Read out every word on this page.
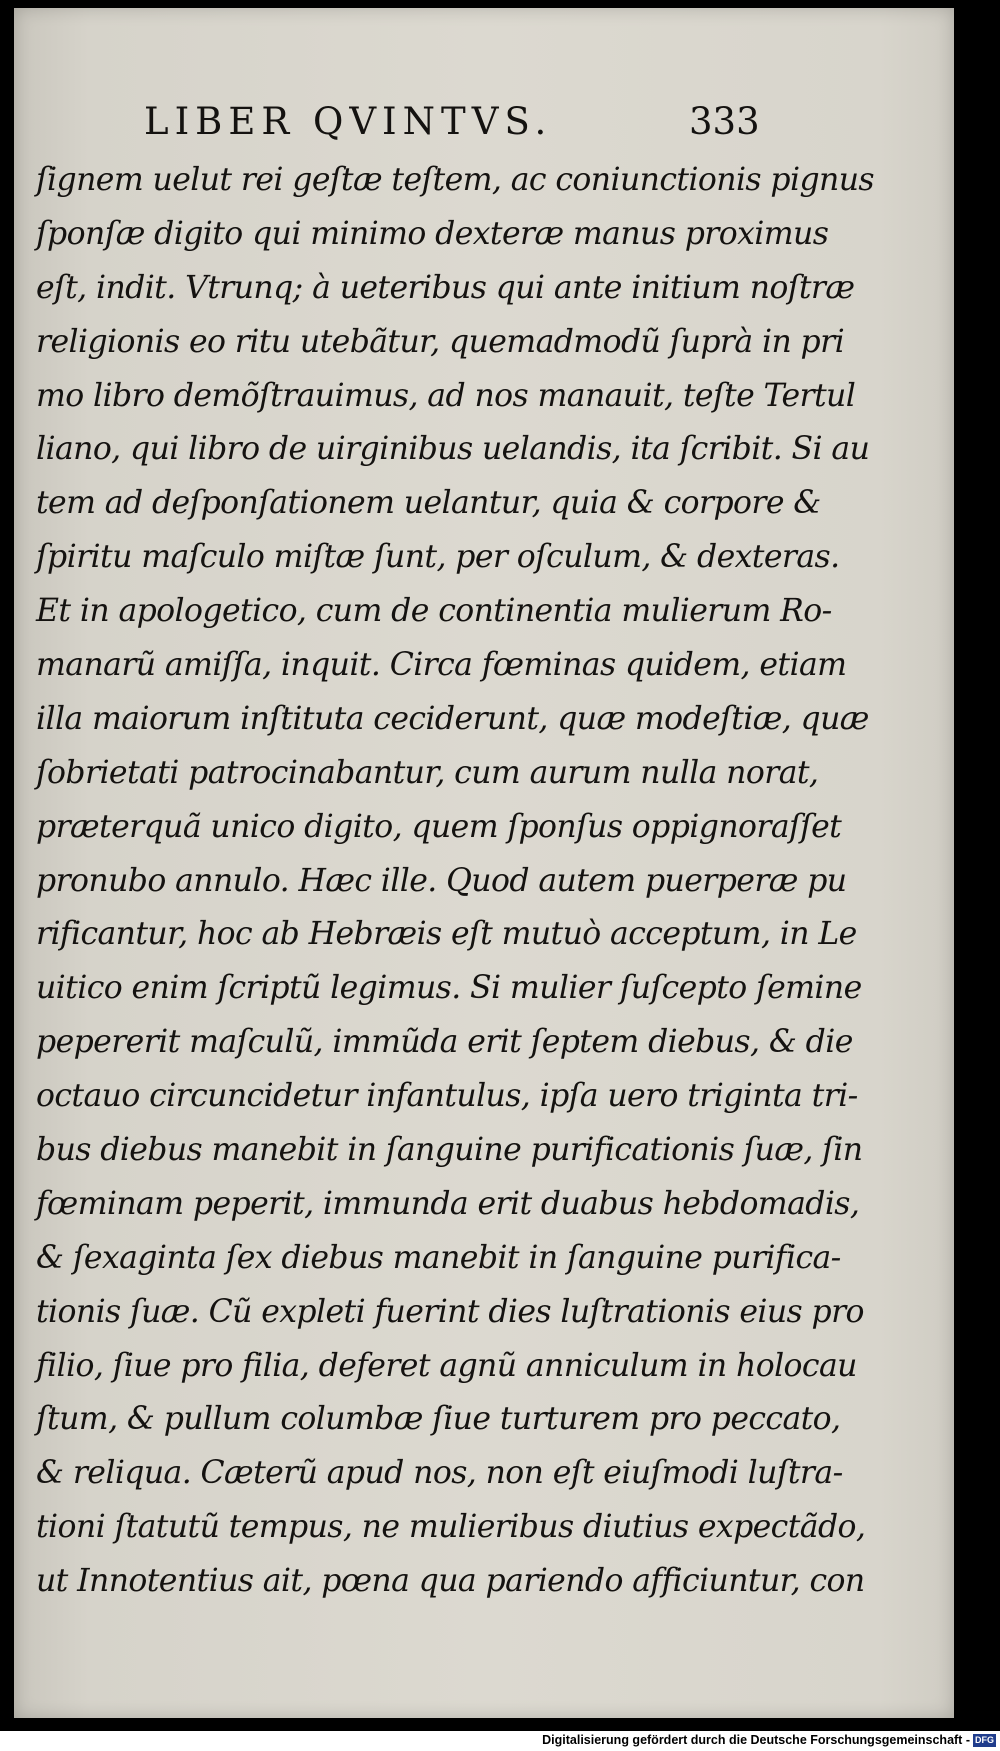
LIBER QVINTVS.	333
ſignem uelut rei geſtæ teſtem, ac coniunctionis pignus
ſponſæ digito qui minimo dexteræ manus proximus
eſt, indit. Vtrunq; à ueteribus qui ante initium noſtræ
religionis eo ritu utebãtur, quemadmodũ ſuprà in pri
mo libro demõſtrauimus, ad nos manauit, teſte Tertul
liano, qui libro de uirginibus uelandis, ita ſcribit. Si au
tem ad deſponſationem uelantur, quia & corpore &
ſpiritu maſculo miſtæ ſunt, per oſculum, & dexteras.
Et in apologetico, cum de continentia mulierum Ro-
manarũ amiſſa, inquit. Circa fœminas quidem, etiam
illa maiorum inſtituta ceciderunt, quæ modeſtiæ, quæ
ſobrietati patrocinabantur, cum aurum nulla norat,
præterquã unico digito, quem ſponſus oppignoraſſet
pronubo annulo. Hæc ille. Quod autem puerperæ pu
rificantur, hoc ab Hebræis eſt mutuò acceptum, in Le
uitico enim ſcriptũ legimus. Si mulier ſuſcepto ſemine
pepererit maſculũ, immũda erit ſeptem diebus, & die
octauo circuncidetur infantulus, ipſa uero triginta tri-
bus diebus manebit in ſanguine purificationis ſuæ, ſin
fœminam peperit, immunda erit duabus hebdomadis,
& ſexaginta ſex diebus manebit in ſanguine purifica-
tionis ſuæ. Cũ expleti fuerint dies luſtrationis eius pro
filio, ſiue pro filia, deferet agnũ anniculum in holocau
ſtum, & pullum columbæ ſiue turturem pro peccato,
& reliqua. Cæterũ apud nos, non eſt eiuſmodi luſtra-
tioni ſtatutũ tempus, ne mulieribus diutius expectãdo,
ut Innotentius ait, pœna qua pariendo afficiuntur, con
Digitalisierung gefördert durch die Deutsche Forschungsgemeinschaft - DFG
